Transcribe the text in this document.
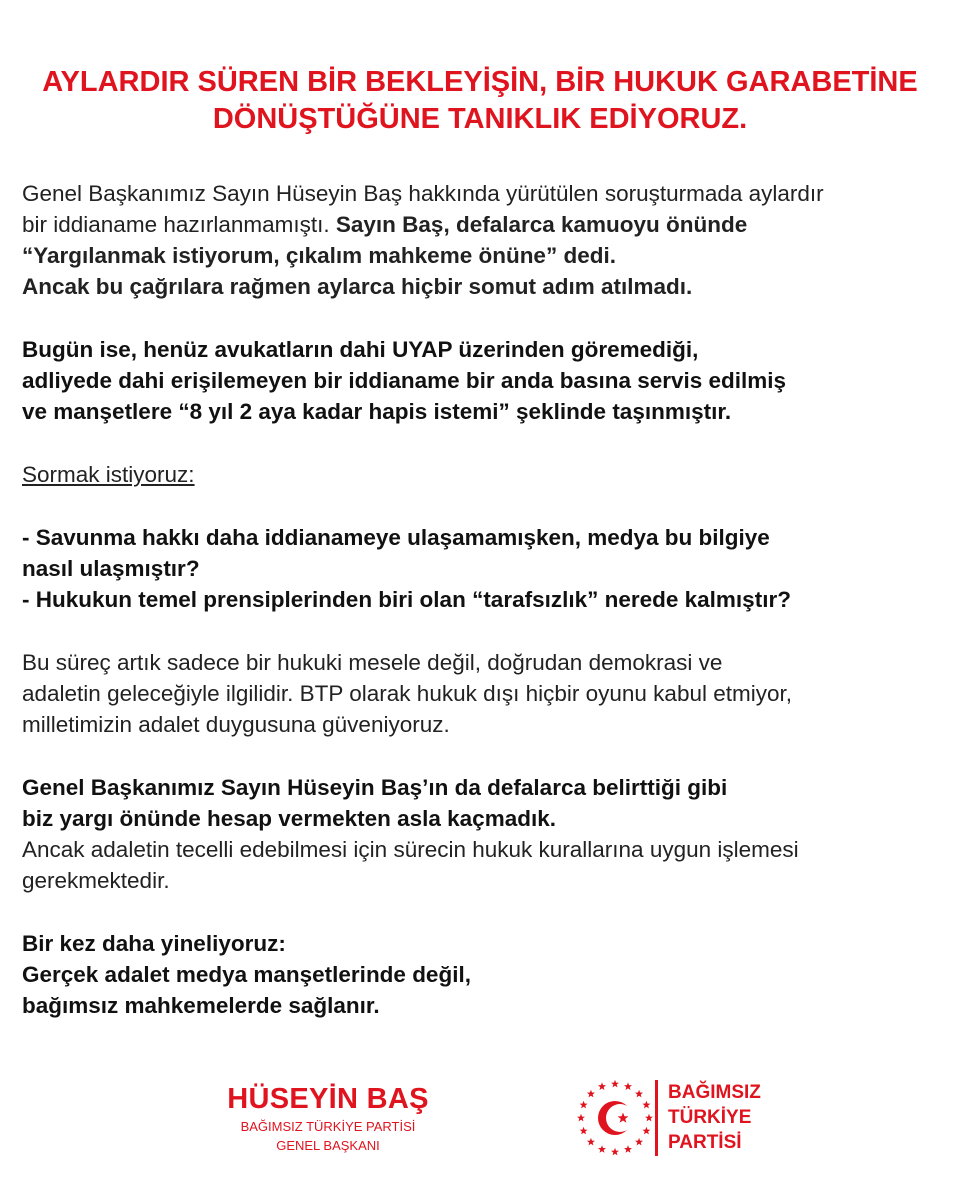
AYLARDIR SÜREN BİR BEKLEYİŞİN, BİR HUKUK GARABETİNE
DÖNÜŞTÜĞÜNE TANIKLIK EDİYORUZ.

Genel Başkanımız Sayın Hüseyin Baş hakkında yürütülen soruşturmada aylardır
bir iddianame hazırlanmamıştı. Sayın Baş, defalarca kamuoyu önünde
“Yargılanmak istiyorum, çıkalım mahkeme önüne” dedi.
Ancak bu çağrılara rağmen aylarca hiçbir somut adım atılmadı.

Bugün ise, henüz avukatların dahi UYAP üzerinden göremediği,
adliyede dahi erişilemeyen bir iddianame bir anda basına servis edilmiş
ve manşetlere “8 yıl 2 aya kadar hapis istemi” şeklinde taşınmıştır.

Sormak istiyoruz:

- Savunma hakkı daha iddianameye ulaşamamışken, medya bu bilgiye
nasıl ulaşmıştır?
- Hukukun temel prensiplerinden biri olan “tarafsızlık” nerede kalmıştır?

Bu süreç artık sadece bir hukuki mesele değil, doğrudan demokrasi ve
adaletin geleceğiyle ilgilidir. BTP olarak hukuk dışı hiçbir oyunu kabul etmiyor,
milletimizin adalet duygusuna güveniyoruz.

Genel Başkanımız Sayın Hüseyin Baş’ın da defalarca belirttiği gibi
biz yargı önünde hesap vermekten asla kaçmadık.
Ancak adaletin tecelli edebilmesi için sürecin hukuk kurallarına uygun işlemesi
gerekmektedir.

Bir kez daha yineliyoruz:
Gerçek adalet medya manşetlerinde değil,
bağımsız mahkemelerde sağlanır.

HÜSEYİN BAŞ
BAĞIMSIZ TÜRKİYE PARTİSİ
GENEL BAŞKANI
BAĞIMSIZ
TÜRKİYE
PARTİSİ
